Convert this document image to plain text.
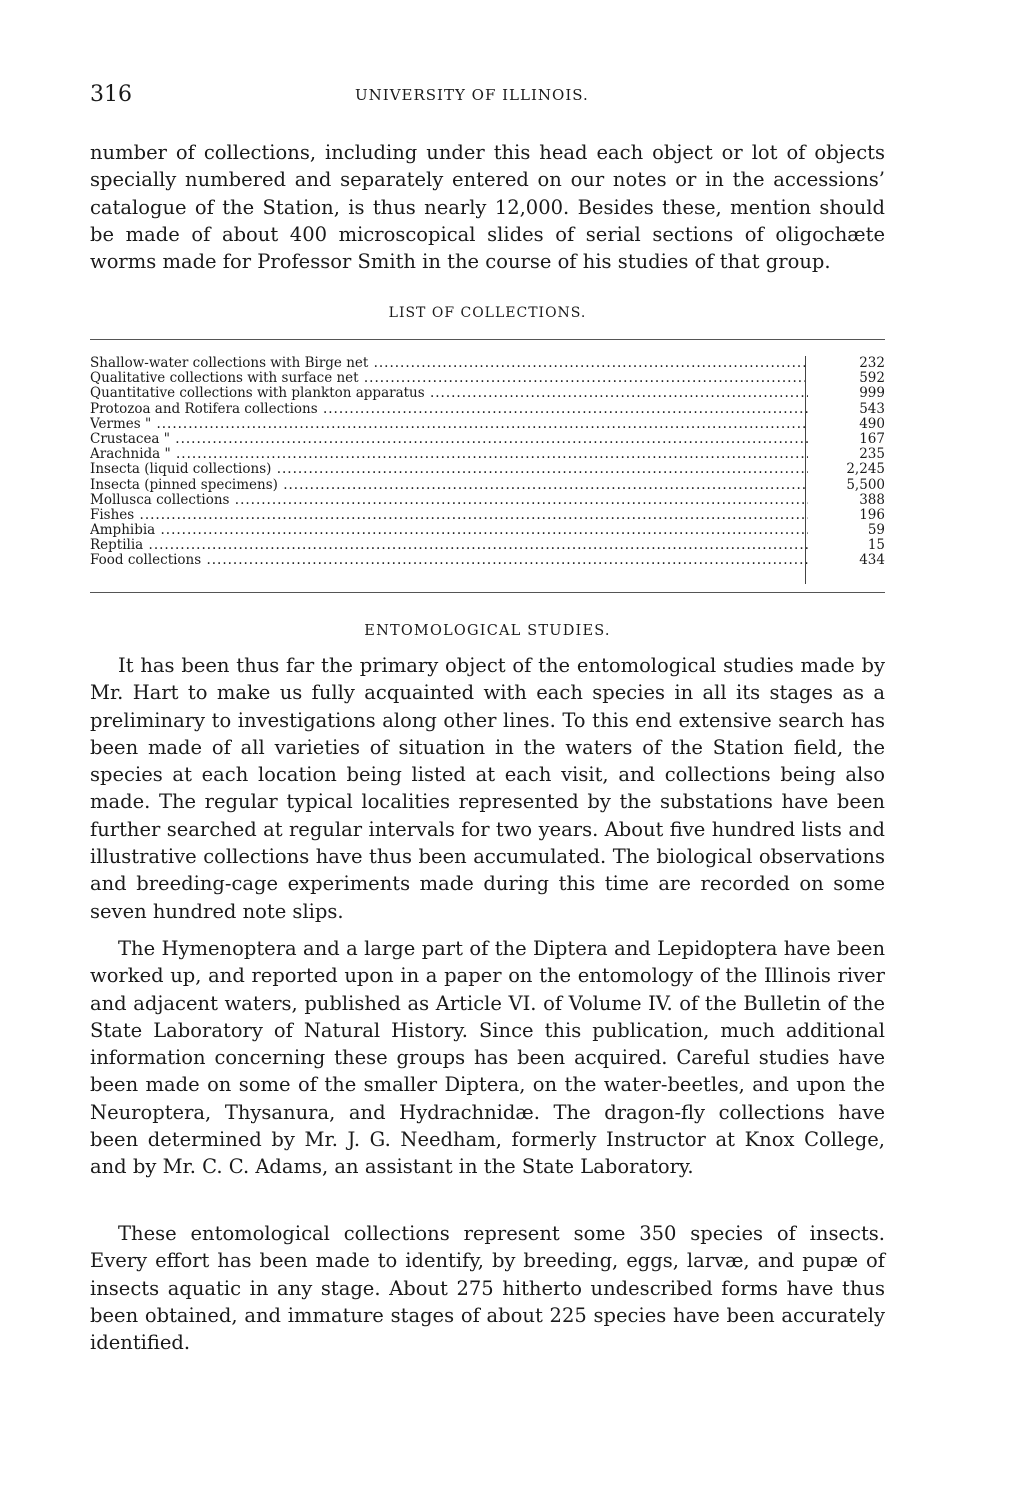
316	UNIVERSITY OF ILLINOIS.

number of collections, including under this head each object or lot of objects specially numbered and separately entered on our notes or in the accessions’ catalogue of the Station, is thus nearly 12,000. Besides these, mention should be made of about 400 microscopical slides of serial sections of oligochæte worms made for Professor Smith in the course of his studies of that group.

LIST OF COLLECTIONS.
Shallow-water collections with Birge net .....	232
Qualitative collections with surface net .....	592
Quantitative collections with plankton apparatus .....	999
Protozoa and Rotifera collections .....	543
Vermes " .....	490
Crustacea " .....	167
Arachnida " .....	235
Insecta (liquid collections) .....	2,245
Insecta (pinned specimens) .....	5,500
Mollusca collections .....	388
Fishes .....	196
Amphibia .....	59
Reptilia .....	15
Food collections .....	434
ENTOMOLOGICAL STUDIES.

It has been thus far the primary object of the entomological studies made by Mr. Hart to make us fully acquainted with each species in all its stages as a preliminary to investigations along other lines. To this end extensive search has been made of all varieties of situation in the waters of the Station field, the species at each location being listed at each visit, and collections being also made. The regular typical localities represented by the substations have been further searched at regular intervals for two years. About five hundred lists and illustrative collections have thus been accumulated. The biological observations and breeding-cage experiments made during this time are recorded on some seven hundred note slips.

The Hymenoptera and a large part of the Diptera and Lepidoptera have been worked up, and reported upon in a paper on the entomology of the Illinois river and adjacent waters, published as Article VI. of Volume IV. of the Bulletin of the State Laboratory of Natural History. Since this publication, much additional information concerning these groups has been acquired. Careful studies have been made on some of the smaller Diptera, on the water-beetles, and upon the Neuroptera, Thysanura, and Hydrachnidæ. The dragon-fly collections have been determined by Mr. J. G. Needham, formerly Instructor at Knox College, and by Mr. C. C. Adams, an assistant in the State Laboratory.

These entomological collections represent some 350 species of insects. Every effort has been made to identify, by breeding, eggs, larvæ, and pupæ of insects aquatic in any stage. About 275 hitherto undescribed forms have thus been obtained, and immature stages of about 225 species have been accurately identified.
